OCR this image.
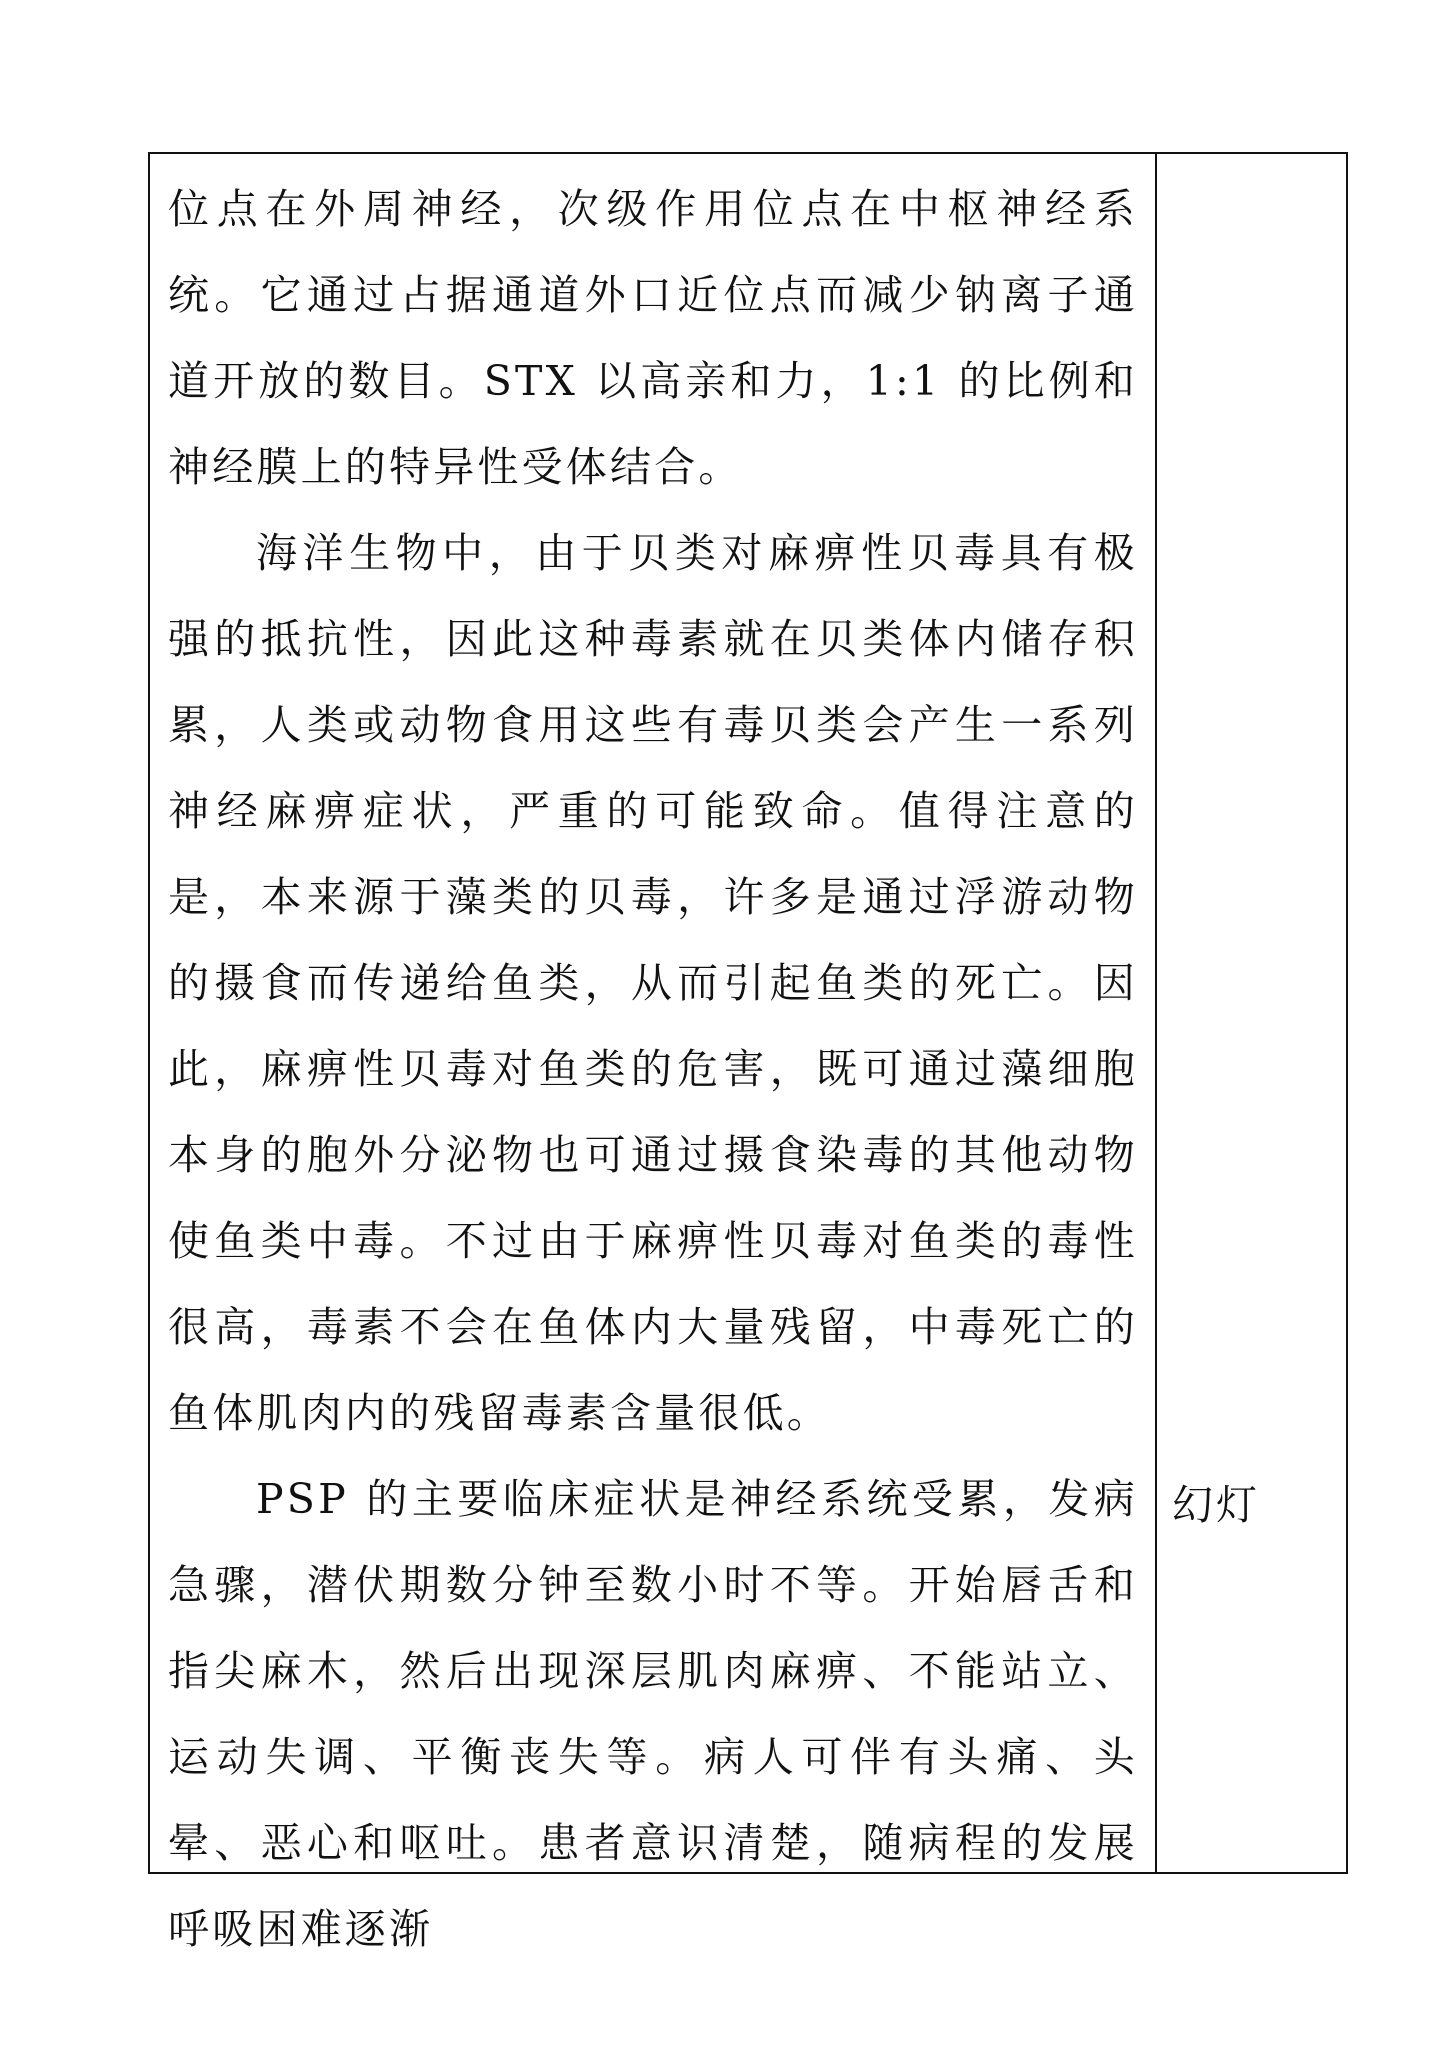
位点在外周神经，次级作用位点在中枢神经系统。它通过占据通道外口近位点而减少钠离子通道开放的数目。STX 以高亲和力，1:1 的比例和神经膜上的特异性受体结合。

海洋生物中，由于贝类对麻痹性贝毒具有极强的抵抗性，因此这种毒素就在贝类体内储存积累，人类或动物食用这些有毒贝类会产生一系列神经麻痹症状，严重的可能致命。值得注意的是，本来源于藻类的贝毒，许多是通过浮游动物的摄食而传递给鱼类，从而引起鱼类的死亡。因此，麻痹性贝毒对鱼类的危害，既可通过藻细胞本身的胞外分泌物也可通过摄食染毒的其他动物使鱼类中毒。不过由于麻痹性贝毒对鱼类的毒性很高，毒素不会在鱼体内大量残留，中毒死亡的鱼体肌肉内的残留毒素含量很低。

PSP 的主要临床症状是神经系统受累，发病急骤，潜伏期数分钟至数小时不等。开始唇舌和指尖麻木，然后出现深层肌肉麻痹、不能站立、运动失调、平衡丧失等。病人可伴有头痛、头晕、恶心和呕吐。患者意识清楚，随病程的发展呼吸困难逐渐

幻灯
